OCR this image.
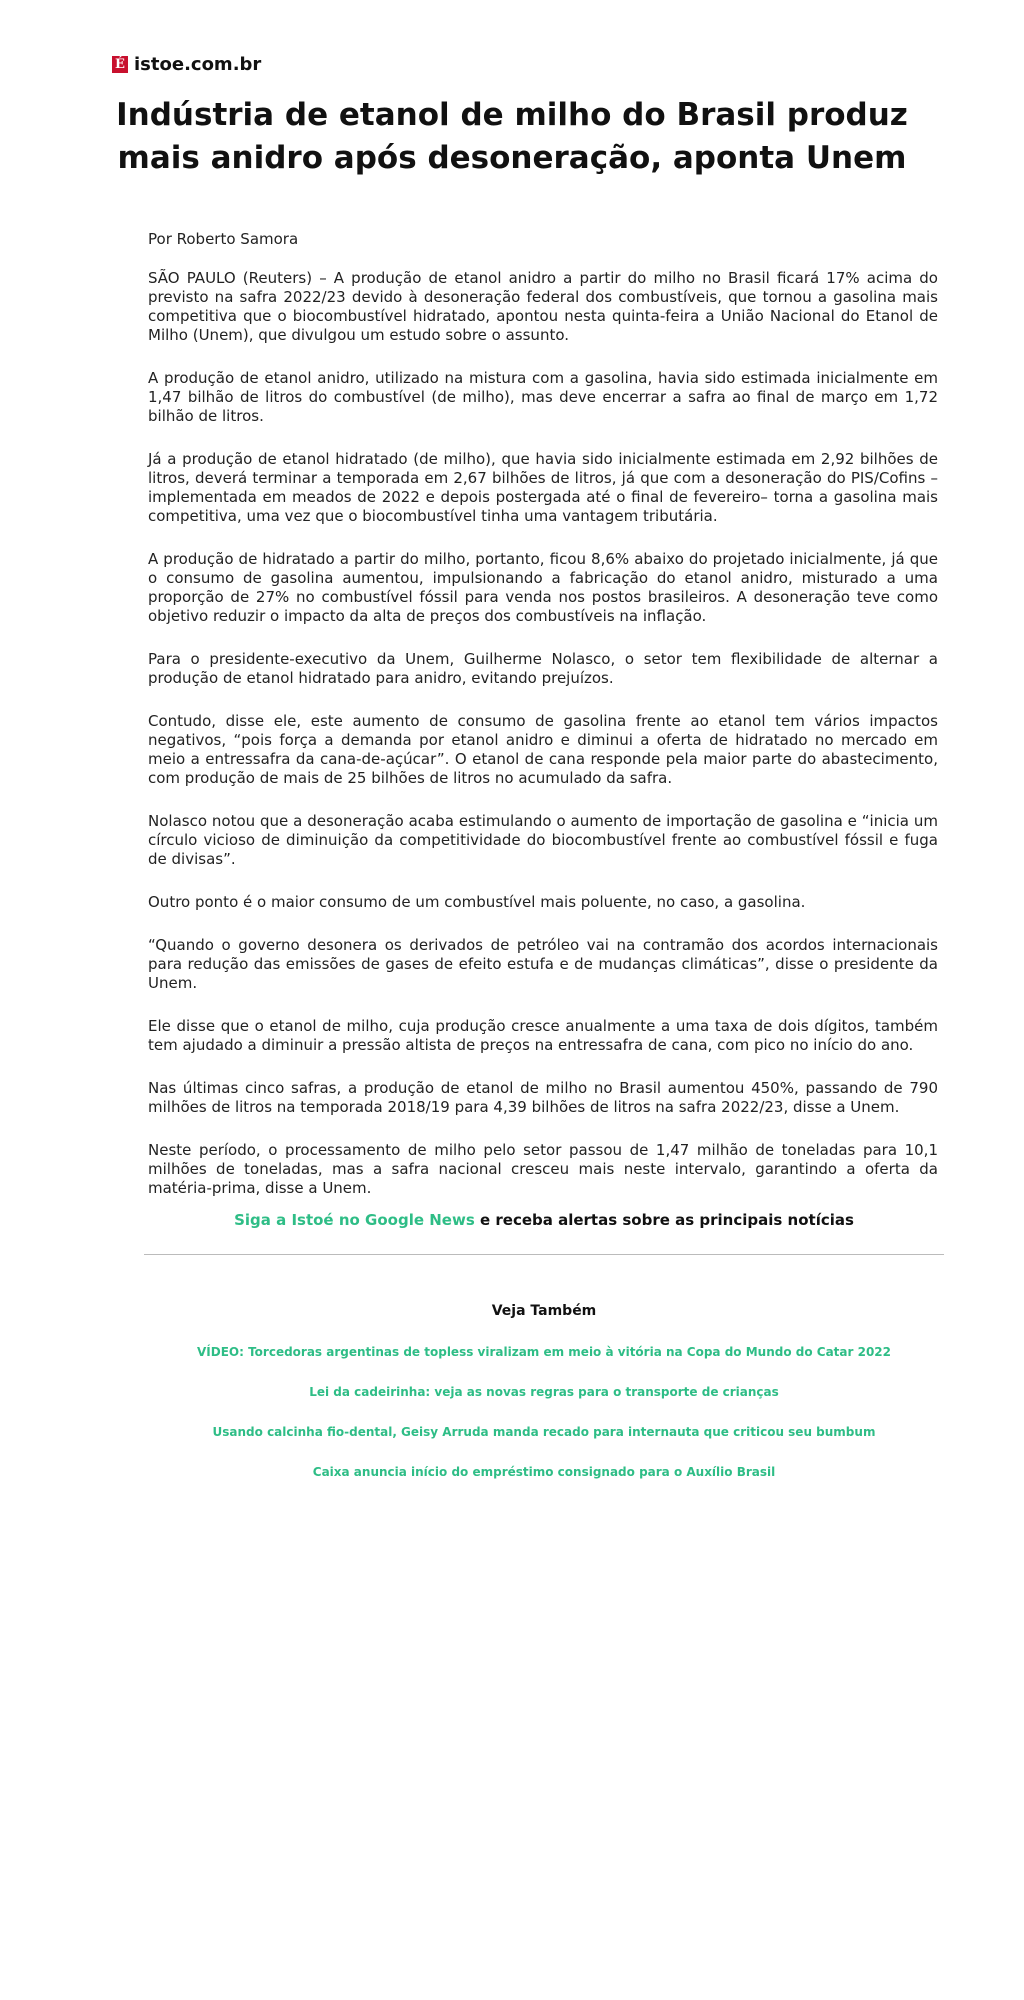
É istoe.com.br
Indústria de etanol de milho do Brasil produz mais anidro após desoneração, aponta Unem

Por Roberto Samora

SÃO PAULO (Reuters) – A produção de etanol anidro a partir do milho no Brasil ficará 17% acima do previsto na safra 2022/23 devido à desoneração federal dos combustíveis, que tornou a gasolina mais competitiva que o biocombustível hidratado, apontou nesta quinta-feira a União Nacional do Etanol de Milho (Unem), que divulgou um estudo sobre o assunto.

A produção de etanol anidro, utilizado na mistura com a gasolina, havia sido estimada inicialmente em 1,47 bilhão de litros do combustível (de milho), mas deve encerrar a safra ao final de março em 1,72 bilhão de litros.

Já a produção de etanol hidratado (de milho), que havia sido inicialmente estimada em 2,92 bilhões de litros, deverá terminar a temporada em 2,67 bilhões de litros, já que com a desoneração do PIS/Cofins – implementada em meados de 2022 e depois postergada até o final de fevereiro– torna a gasolina mais competitiva, uma vez que o biocombustível tinha uma vantagem tributária.

A produção de hidratado a partir do milho, portanto, ficou 8,6% abaixo do projetado inicialmente, já que o consumo de gasolina aumentou, impulsionando a fabricação do etanol anidro, misturado a uma proporção de 27% no combustível fóssil para venda nos postos brasileiros. A desoneração teve como objetivo reduzir o impacto da alta de preços dos combustíveis na inflação.

Para o presidente-executivo da Unem, Guilherme Nolasco, o setor tem flexibilidade de alternar a produção de etanol hidratado para anidro, evitando prejuízos.

Contudo, disse ele, este aumento de consumo de gasolina frente ao etanol tem vários impactos negativos, “pois força a demanda por etanol anidro e diminui a oferta de hidratado no mercado em meio a entressafra da cana-de-açúcar”. O etanol de cana responde pela maior parte do abastecimento, com produção de mais de 25 bilhões de litros no acumulado da safra.

Nolasco notou que a desoneração acaba estimulando o aumento de importação de gasolina e “inicia um círculo vicioso de diminuição da competitividade do biocombustível frente ao combustível fóssil e fuga de divisas”.

Outro ponto é o maior consumo de um combustível mais poluente, no caso, a gasolina.

“Quando o governo desonera os derivados de petróleo vai na contramão dos acordos internacionais para redução das emissões de gases de efeito estufa e de mudanças climáticas”, disse o presidente da Unem.

Ele disse que o etanol de milho, cuja produção cresce anualmente a uma taxa de dois dígitos, também tem ajudado a diminuir a pressão altista de preços na entressafra de cana, com pico no início do ano.

Nas últimas cinco safras, a produção de etanol de milho no Brasil aumentou 450%, passando de 790 milhões de litros na temporada 2018/19 para 4,39 bilhões de litros na safra 2022/23, disse a Unem.

Neste período, o processamento de milho pelo setor passou de 1,47 milhão de toneladas para 10,1 milhões de toneladas, mas a safra nacional cresceu mais neste intervalo, garantindo a oferta da matéria-prima, disse a Unem.

Siga a Istoé no Google News e receba alertas sobre as principais notícias
Veja Também
VÍDEO: Torcedoras argentinas de topless viralizam em meio à vitória na Copa do Mundo do Catar 2022
Lei da cadeirinha: veja as novas regras para o transporte de crianças
Usando calcinha fio-dental, Geisy Arruda manda recado para internauta que criticou seu bumbum
Caixa anuncia início do empréstimo consignado para o Auxílio Brasil
